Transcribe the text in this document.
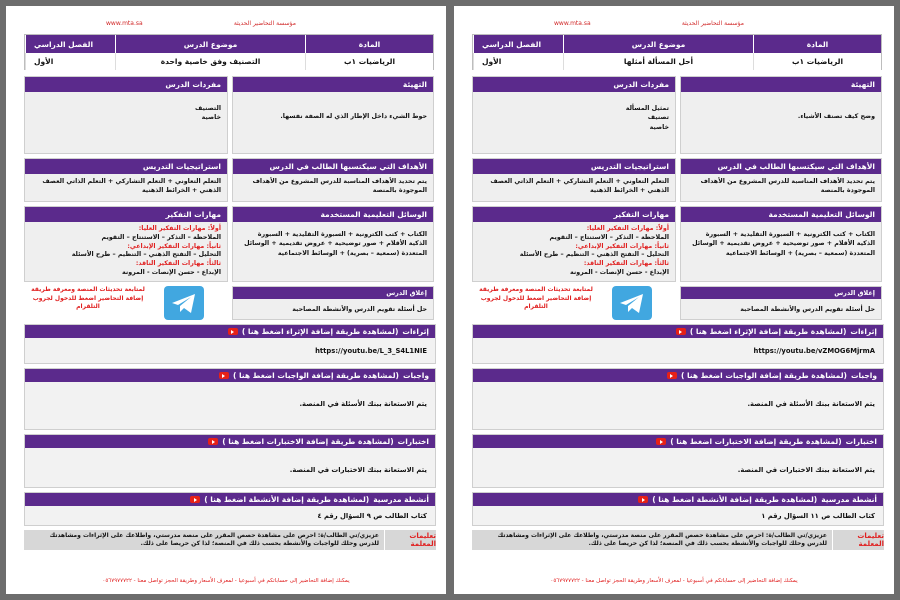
مؤسسة التحاضير الحديثة
www.mta.sa
المادة
موضوع الدرس
الفصل الدراسي
الرياضيات ١ب
التصنيف وفق خاصية واحدة
الأول
التهيئة
حوط الشيء داخل الإطار الذي له الصفة نفسها.
مفردات الدرس
التصنيف
خاصية
الأهداف التي سيكتسبها الطالب في الدرس
يتم تحديد الأهداف المناسبة للدرس المشروع من الأهداف الموجودة بالمنصة
استراتيجيات التدريس
التعلم التعاوني + التعلم التشاركي + التعلم الذاتي العصف الذهني + الخرائط الذهنية
الوسائل التعليمية المستخدمة
الكتاب + كتب الكترونية + السبورة التقليدية + السبورة الذكية الأقلام + صور توضيحية + عروض تقديمية + الوسائل المتعددة (سمعية – بصرية) + الوسائط الاجتماعية
مهارات التفكير
أولاً: مهارات التفكير العليا:
الملاحظة – التذكر – الاستنتاج – التقويم
ثانياً: مهارات التفكير الإبداعي:
التحليل – التفتح الذهني – التنظيم – طرح الأسئلة
ثالثاً: مهارات التفكير الناقد:
الإبداع - حسن الإنصات - المرونة
إغلاق الدرس
حل أسئلة تقويم الدرس والأنشطة المصاحبة
لمتابعة تحديثات المنصة ومعرفة طريقة إضافة التحاضير اضغط للدخول لجروب التلقرام
إثراءات
(لمشاهدة طريقة إضافة الإثراء اضغط هنا )
https://youtu.be/L_3_S4L1NIE
واجبات
(لمشاهدة طريقة إضافة الواجبات اضغط هنا )
يتم الاستعانة ببنك الأسئلة في المنصة.
اختبارات
(لمشاهدة طريقة إضافة الاختبارات اضغط هنا )
يتم الاستعانة ببنك الاختبارات في المنصة.
أنشطة مدرسية
(لمشاهدة طريقة إضافة الأنشطة اضغط هنا )
كتاب الطالب ص ٩ السؤال رقم ٤
تعليمات المعلمة
عزيزي/تي الطالب/ة: احرص على مشاهدة حصص المقرر على منصة مدرستي، واطلاعك على الإثراءات ومشاهدتك للدرس وحلك للواجبات والأنشطة بحسب ذلك في المنصة؛ لذا كن حريصا على ذلك.
يمكنك إضافة التحاضير إلى حساباتكم في أسبوعيا - لمعرف الأسعار وطريقة الحجز تواصل معنا - ٠٥٦٧٩٧٧٧٢٢
مؤسسة التحاضير الحديثة
www.mta.sa
المادة
موضوع الدرس
الفصل الدراسي
الرياضيات ١ب
أحل المسألة أمثلها
الأول
التهيئة
وضح كيف تصنف الأشياء.
مفردات الدرس
تمثيل المسألة
تصنيف
خاصية
الأهداف التي سيكتسبها الطالب في الدرس
يتم تحديد الأهداف المناسبة للدرس المشروع من الأهداف الموجودة بالمنصة
استراتيجيات التدريس
التعلم التعاوني + التعلم التشاركي + التعلم الذاتي العصف الذهني + الخرائط الذهنية
الوسائل التعليمية المستخدمة
الكتاب + كتب الكترونية + السبورة التقليدية + السبورة الذكية الأقلام + صور توضيحية + عروض تقديمية + الوسائل المتعددة (سمعية – بصرية) + الوسائط الاجتماعية
مهارات التفكير
أولاً: مهارات التفكير العليا:
الملاحظة – التذكر – الاستنتاج – التقويم
ثانياً: مهارات التفكير الإبداعي:
التحليل – التفتح الذهني – التنظيم – طرح الأسئلة
ثالثاً: مهارات التفكير الناقد:
الإبداع - حسن الإنصات - المرونة
إغلاق الدرس
حل أسئلة تقويم الدرس والأنشطة المصاحبة
لمتابعة تحديثات المنصة ومعرفة طريقة إضافة التحاضير اضغط للدخول لجروب التلقرام
إثراءات
(لمشاهدة طريقة إضافة الإثراء اضغط هنا )
https://youtu.be/vZMOG6MjrmA
واجبات
(لمشاهدة طريقة إضافة الواجبات اضغط هنا )
يتم الاستعانة ببنك الأسئلة في المنصة.
اختبارات
(لمشاهدة طريقة إضافة الاختبارات اضغط هنا )
يتم الاستعانة ببنك الاختبارات في المنصة.
أنشطة مدرسية
(لمشاهدة طريقة إضافة الأنشطة اضغط هنا )
كتاب الطالب ص ١١ السؤال رقم ١
تعليمات المعلمة
عزيزي/تي الطالب/ة: احرص على مشاهدة حصص المقرر على منصة مدرستي، واطلاعك على الإثراءات ومشاهدتك للدرس وحلك للواجبات والأنشطة بحسب ذلك في المنصة؛ لذا كن حريصا على ذلك.
يمكنك إضافة التحاضير إلى حساباتكم في أسبوعيا - لمعرف الأسعار وطريقة الحجز تواصل معنا - ٠٥٦٧٩٧٧٧٢٢
